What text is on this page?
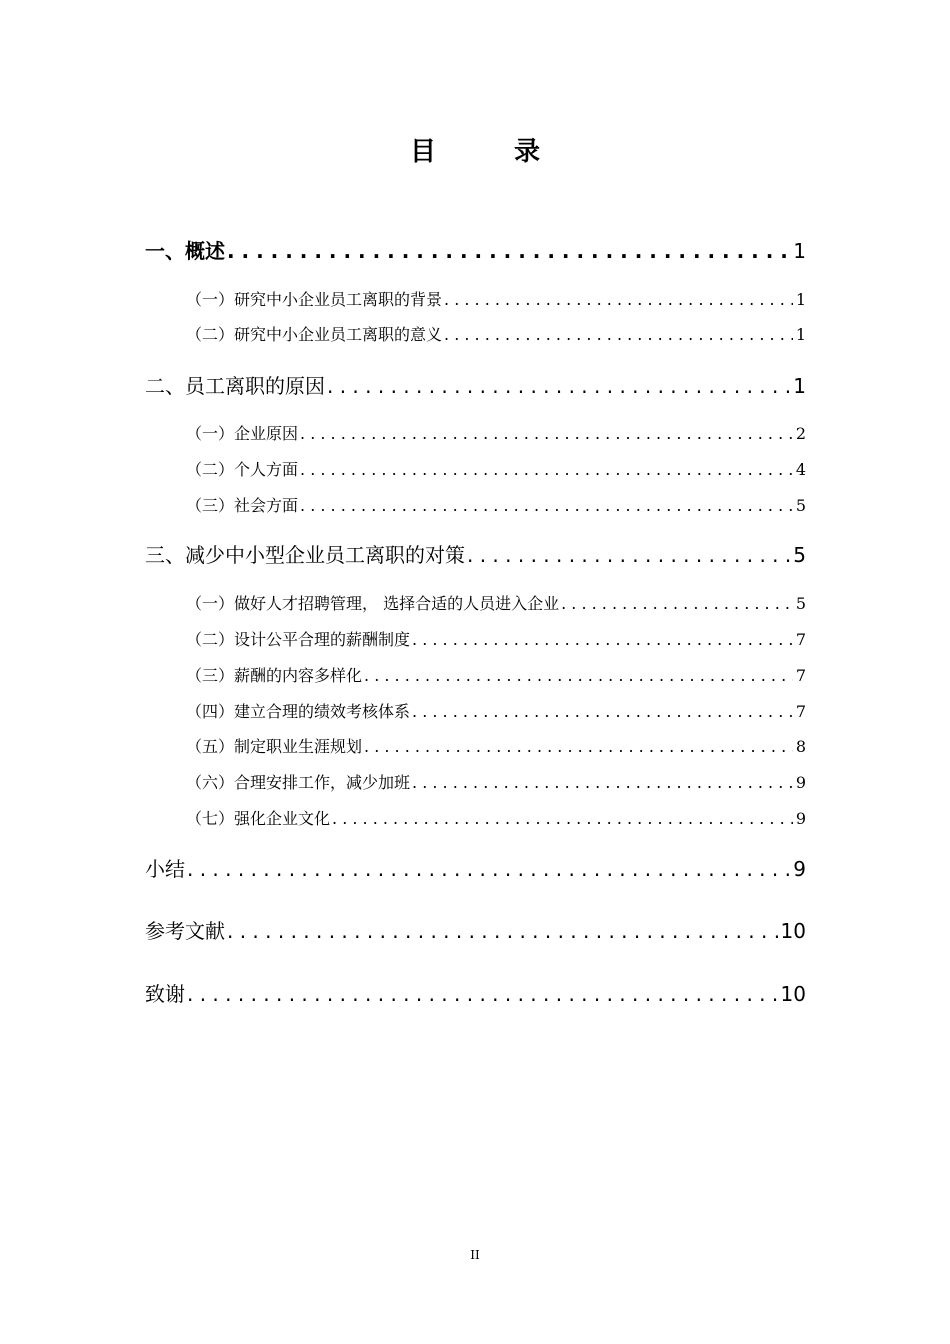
目　录
一、概述 . . .	1
（一）研究中小企业员工离职的背景 . . .	1
（二）研究中小企业员工离职的意义 . . .	1
二、员工离职的原因 . . .	1
（一）企业原因 . . .	2
（二）个人方面 . . .	4
（三）社会方面 . . .	5
三、减少中小型企业员工离职的对策 . . .	5
（一）做好人才招聘管理， 选择合适的人员进入企业 . . .	5
（二）设计公平合理的薪酬制度 . . .	7
（三）薪酬的内容多样化 . . .	7
（四）建立合理的绩效考核体系 . . .	7
（五）制定职业生涯规划 . . .	8
（六）合理安排工作，减少加班 . . .	9
（七）强化企业文化 . . .	9
小结 . . .	9
参考文献 . . .	10
致谢 . . .	10
II
